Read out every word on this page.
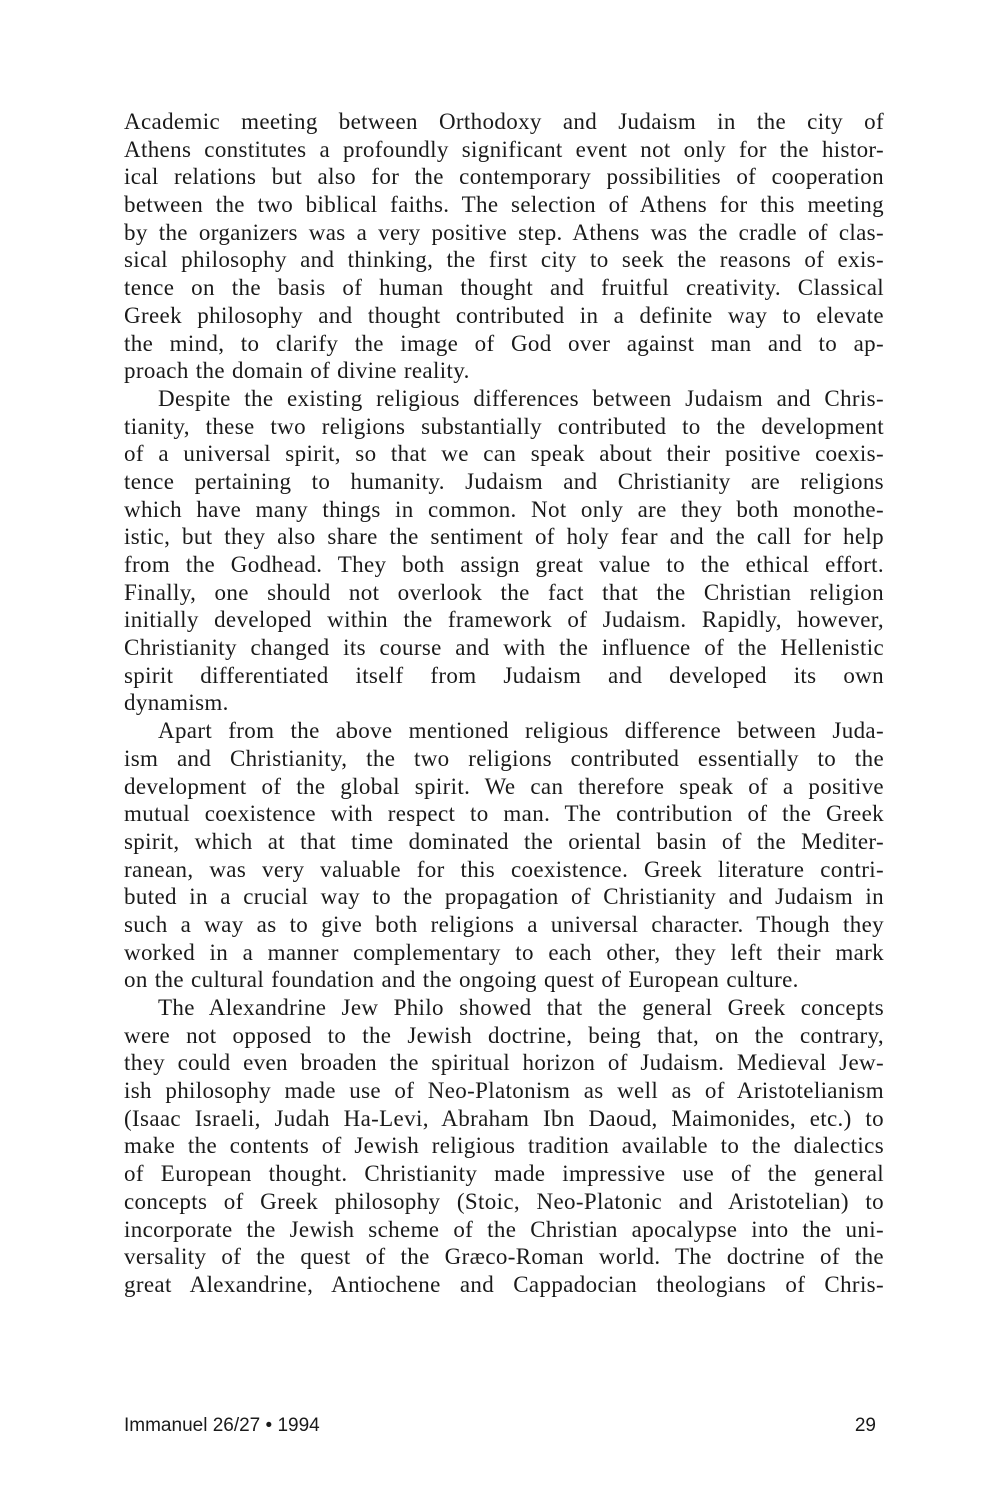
Academic meeting between Orthodoxy and Judaism in the city of
Athens constitutes a profoundly significant event not only for the histor-
ical relations but also for the contemporary possibilities of cooperation
between the two biblical faiths. The selection of Athens for this meeting
by the organizers was a very positive step. Athens was the cradle of clas-
sical philosophy and thinking, the first city to seek the reasons of exis-
tence on the basis of human thought and fruitful creativity. Classical
Greek philosophy and thought contributed in a definite way to elevate
the mind, to clarify the image of God over against man and to ap-
proach the domain of divine reality.
Despite the existing religious differences between Judaism and Chris-
tianity, these two religions substantially contributed to the development
of a universal spirit, so that we can speak about their positive coexis-
tence pertaining to humanity. Judaism and Christianity are religions
which have many things in common. Not only are they both monothe-
istic, but they also share the sentiment of holy fear and the call for help
from the Godhead. They both assign great value to the ethical effort.
Finally, one should not overlook the fact that the Christian religion
initially developed within the framework of Judaism. Rapidly, however,
Christianity changed its course and with the influence of the Hellenistic
spirit differentiated itself from Judaism and developed its own
dynamism.
Apart from the above mentioned religious difference between Juda-
ism and Christianity, the two religions contributed essentially to the
development of the global spirit. We can therefore speak of a positive
mutual coexistence with respect to man. The contribution of the Greek
spirit, which at that time dominated the oriental basin of the Mediter-
ranean, was very valuable for this coexistence. Greek literature contri-
buted in a crucial way to the propagation of Christianity and Judaism in
such a way as to give both religions a universal character. Though they
worked in a manner complementary to each other, they left their mark
on the cultural foundation and the ongoing quest of European culture.
The Alexandrine Jew Philo showed that the general Greek concepts
were not opposed to the Jewish doctrine, being that, on the contrary,
they could even broaden the spiritual horizon of Judaism. Medieval Jew-
ish philosophy made use of Neo-Platonism as well as of Aristotelianism
(Isaac Israeli, Judah Ha-Levi, Abraham Ibn Daoud, Maimonides, etc.) to
make the contents of Jewish religious tradition available to the dialectics
of European thought. Christianity made impressive use of the general
concepts of Greek philosophy (Stoic, Neo-Platonic and Aristotelian) to
incorporate the Jewish scheme of the Christian apocalypse into the uni-
versality of the quest of the Græco-Roman world. The doctrine of the
great Alexandrine, Antiochene and Cappadocian theologians of Chris-
Immanuel 26/27 • 1994	29
